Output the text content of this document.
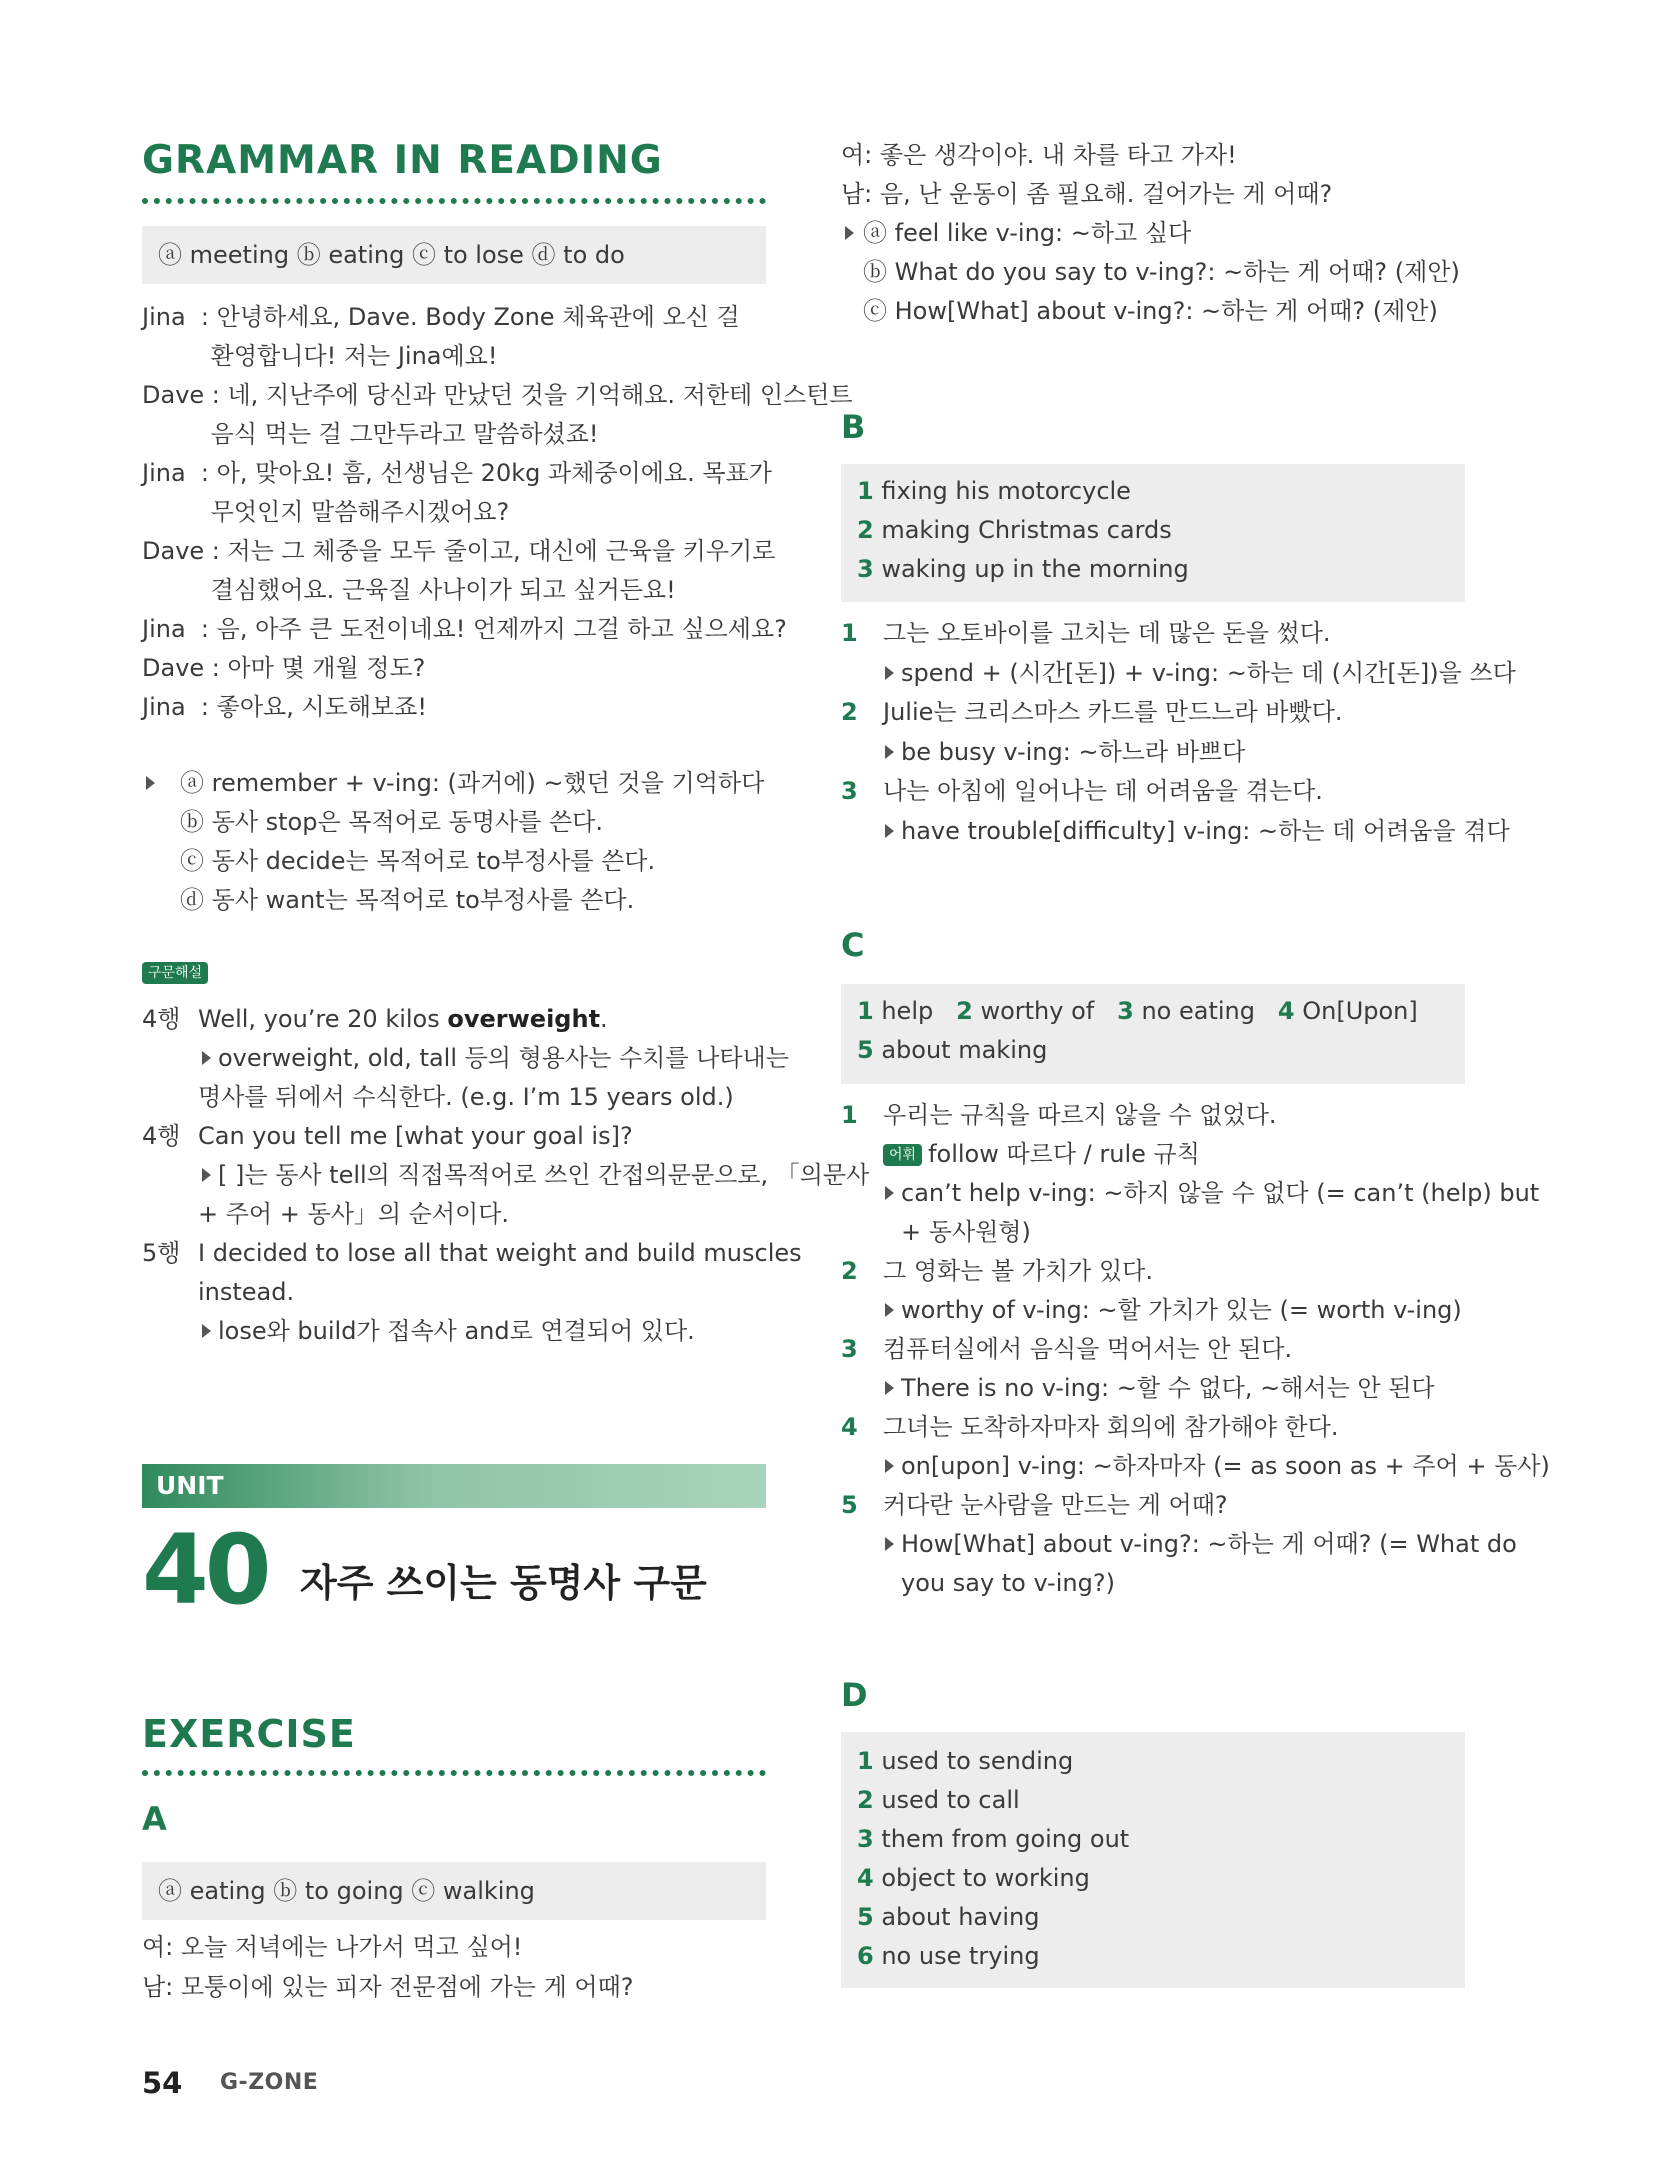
GRAMMAR IN READING
ⓐ meeting ⓑ eating ⓒ to lose ⓓ to do
Jina  : 안녕하세요, Dave. Body Zone 체육관에 오신 걸
환영합니다! 저는 Jina예요!
Dave : 네, 지난주에 당신과 만났던 것을 기억해요. 저한테 인스턴트
음식 먹는 걸 그만두라고 말씀하셨죠!
Jina  : 아, 맞아요! 흠, 선생님은 20kg 과체중이에요. 목표가
무엇인지 말씀해주시겠어요?
Dave : 저는 그 체중을 모두 줄이고, 대신에 근육을 키우기로
결심했어요. 근육질 사나이가 되고 싶거든요!
Jina  : 음, 아주 큰 도전이네요! 언제까지 그걸 하고 싶으세요?
Dave : 아마 몇 개월 정도?
Jina  : 좋아요, 시도해보죠!
ⓐ remember + v-ing: (과거에) ~했던 것을 기억하다
ⓑ 동사 stop은 목적어로 동명사를 쓴다.
ⓒ 동사 decide는 목적어로 to부정사를 쓴다.
ⓓ 동사 want는 목적어로 to부정사를 쓴다.
구문해설
4행 Well, you’re 20 kilos overweight.
overweight, old, tall 등의 형용사는 수치를 나타내는
명사를 뒤에서 수식한다. (e.g. I’m 15 years old.)
4행 Can you tell me [what your goal is]?
[ ]는 동사 tell의 직접목적어로 쓰인 간접의문문으로, 「의문사
+ 주어 + 동사」의 순서이다.
5행 I decided to lose all that weight and build muscles
instead.
lose와 build가 접속사 and로 연결되어 있다.
UNIT
40 자주 쓰이는 동명사 구문
EXERCISE
A
ⓐ eating ⓑ to going ⓒ walking
여: 오늘 저녁에는 나가서 먹고 싶어!
남: 모퉁이에 있는 피자 전문점에 가는 게 어때?
54 G-ZONE
여: 좋은 생각이야. 내 차를 타고 가자!
남: 음, 난 운동이 좀 필요해. 걸어가는 게 어때?
ⓐ feel like v-ing: ~하고 싶다
ⓑ What do you say to v-ing?: ~하는 게 어때? (제안)
ⓒ How[What] about v-ing?: ~하는 게 어때? (제안)
B
1 fixing his motorcycle
2 making Christmas cards
3 waking up in the morning
1 그는 오토바이를 고치는 데 많은 돈을 썼다.
spend + (시간[돈]) + v-ing: ~하는 데 (시간[돈])을 쓰다
2 Julie는 크리스마스 카드를 만드느라 바빴다.
be busy v-ing: ~하느라 바쁘다
3 나는 아침에 일어나는 데 어려움을 겪는다.
have trouble[difficulty] v-ing: ~하는 데 어려움을 겪다
C
1 help 2 worthy of 3 no eating 4 On[Upon]
5 about making
1 우리는 규칙을 따르지 않을 수 없었다.
어휘 follow 따르다 / rule 규칙
can’t help v-ing: ~하지 않을 수 없다 (= can’t (help) but
+ 동사원형)
2 그 영화는 볼 가치가 있다.
worthy of v-ing: ~할 가치가 있는 (= worth v-ing)
3 컴퓨터실에서 음식을 먹어서는 안 된다.
There is no v-ing: ~할 수 없다, ~해서는 안 된다
4 그녀는 도착하자마자 회의에 참가해야 한다.
on[upon] v-ing: ~하자마자 (= as soon as + 주어 + 동사)
5 커다란 눈사람을 만드는 게 어때?
How[What] about v-ing?: ~하는 게 어때? (= What do
you say to v-ing?)
D
1 used to sending
2 used to call
3 them from going out
4 object to working
5 about having
6 no use trying
